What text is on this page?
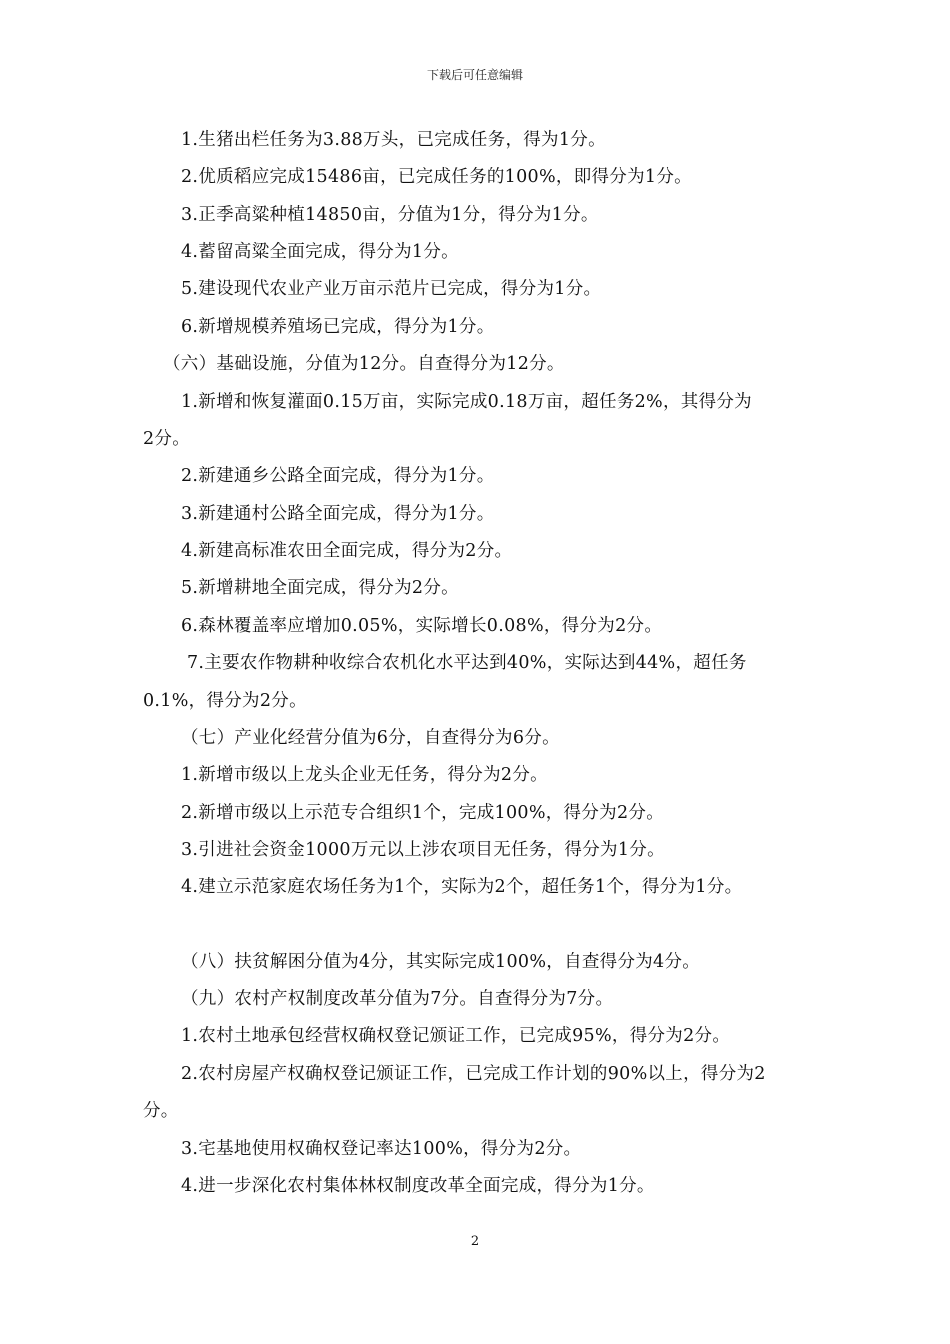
下载后可任意编辑
1.生猪出栏任务为3.88万头，已完成任务，得为1分。
2.优质稻应完成15486亩，已完成任务的100%，即得分为1分。
3.正季高粱种植14850亩，分值为1分，得分为1分。
4.蓄留高粱全面完成，得分为1分。
5.建设现代农业产业万亩示范片已完成，得分为1分。
6.新增规模养殖场已完成，得分为1分。
（六）基础设施，分值为12分。自查得分为12分。
1.新增和恢复灌面0.15万亩，实际完成0.18万亩，超任务2%，其得分为
2分。
2.新建通乡公路全面完成，得分为1分。
3.新建通村公路全面完成，得分为1分。
4.新建高标准农田全面完成，得分为2分。
5.新增耕地全面完成，得分为2分。
6.森林覆盖率应增加0.05%，实际增长0.08%，得分为2分。
7.主要农作物耕种收综合农机化水平达到40%，实际达到44%，超任务
0.1%，得分为2分。
（七）产业化经营分值为6分，自查得分为6分。
1.新增市级以上龙头企业无任务，得分为2分。
2.新增市级以上示范专合组织1个，完成100%，得分为2分。
3.引进社会资金1000万元以上涉农项目无任务，得分为1分。
4.建立示范家庭农场任务为1个，实际为2个，超任务1个，得分为1分。
（八）扶贫解困分值为4分，其实际完成100%，自查得分为4分。
（九）农村产权制度改革分值为7分。自查得分为7分。
1.农村土地承包经营权确权登记颁证工作，已完成95%，得分为2分。
2.农村房屋产权确权登记颁证工作，已完成工作计划的90%以上，得分为2
分。
3.宅基地使用权确权登记率达100%，得分为2分。
4.进一步深化农村集体林权制度改革全面完成，得分为1分。
2
